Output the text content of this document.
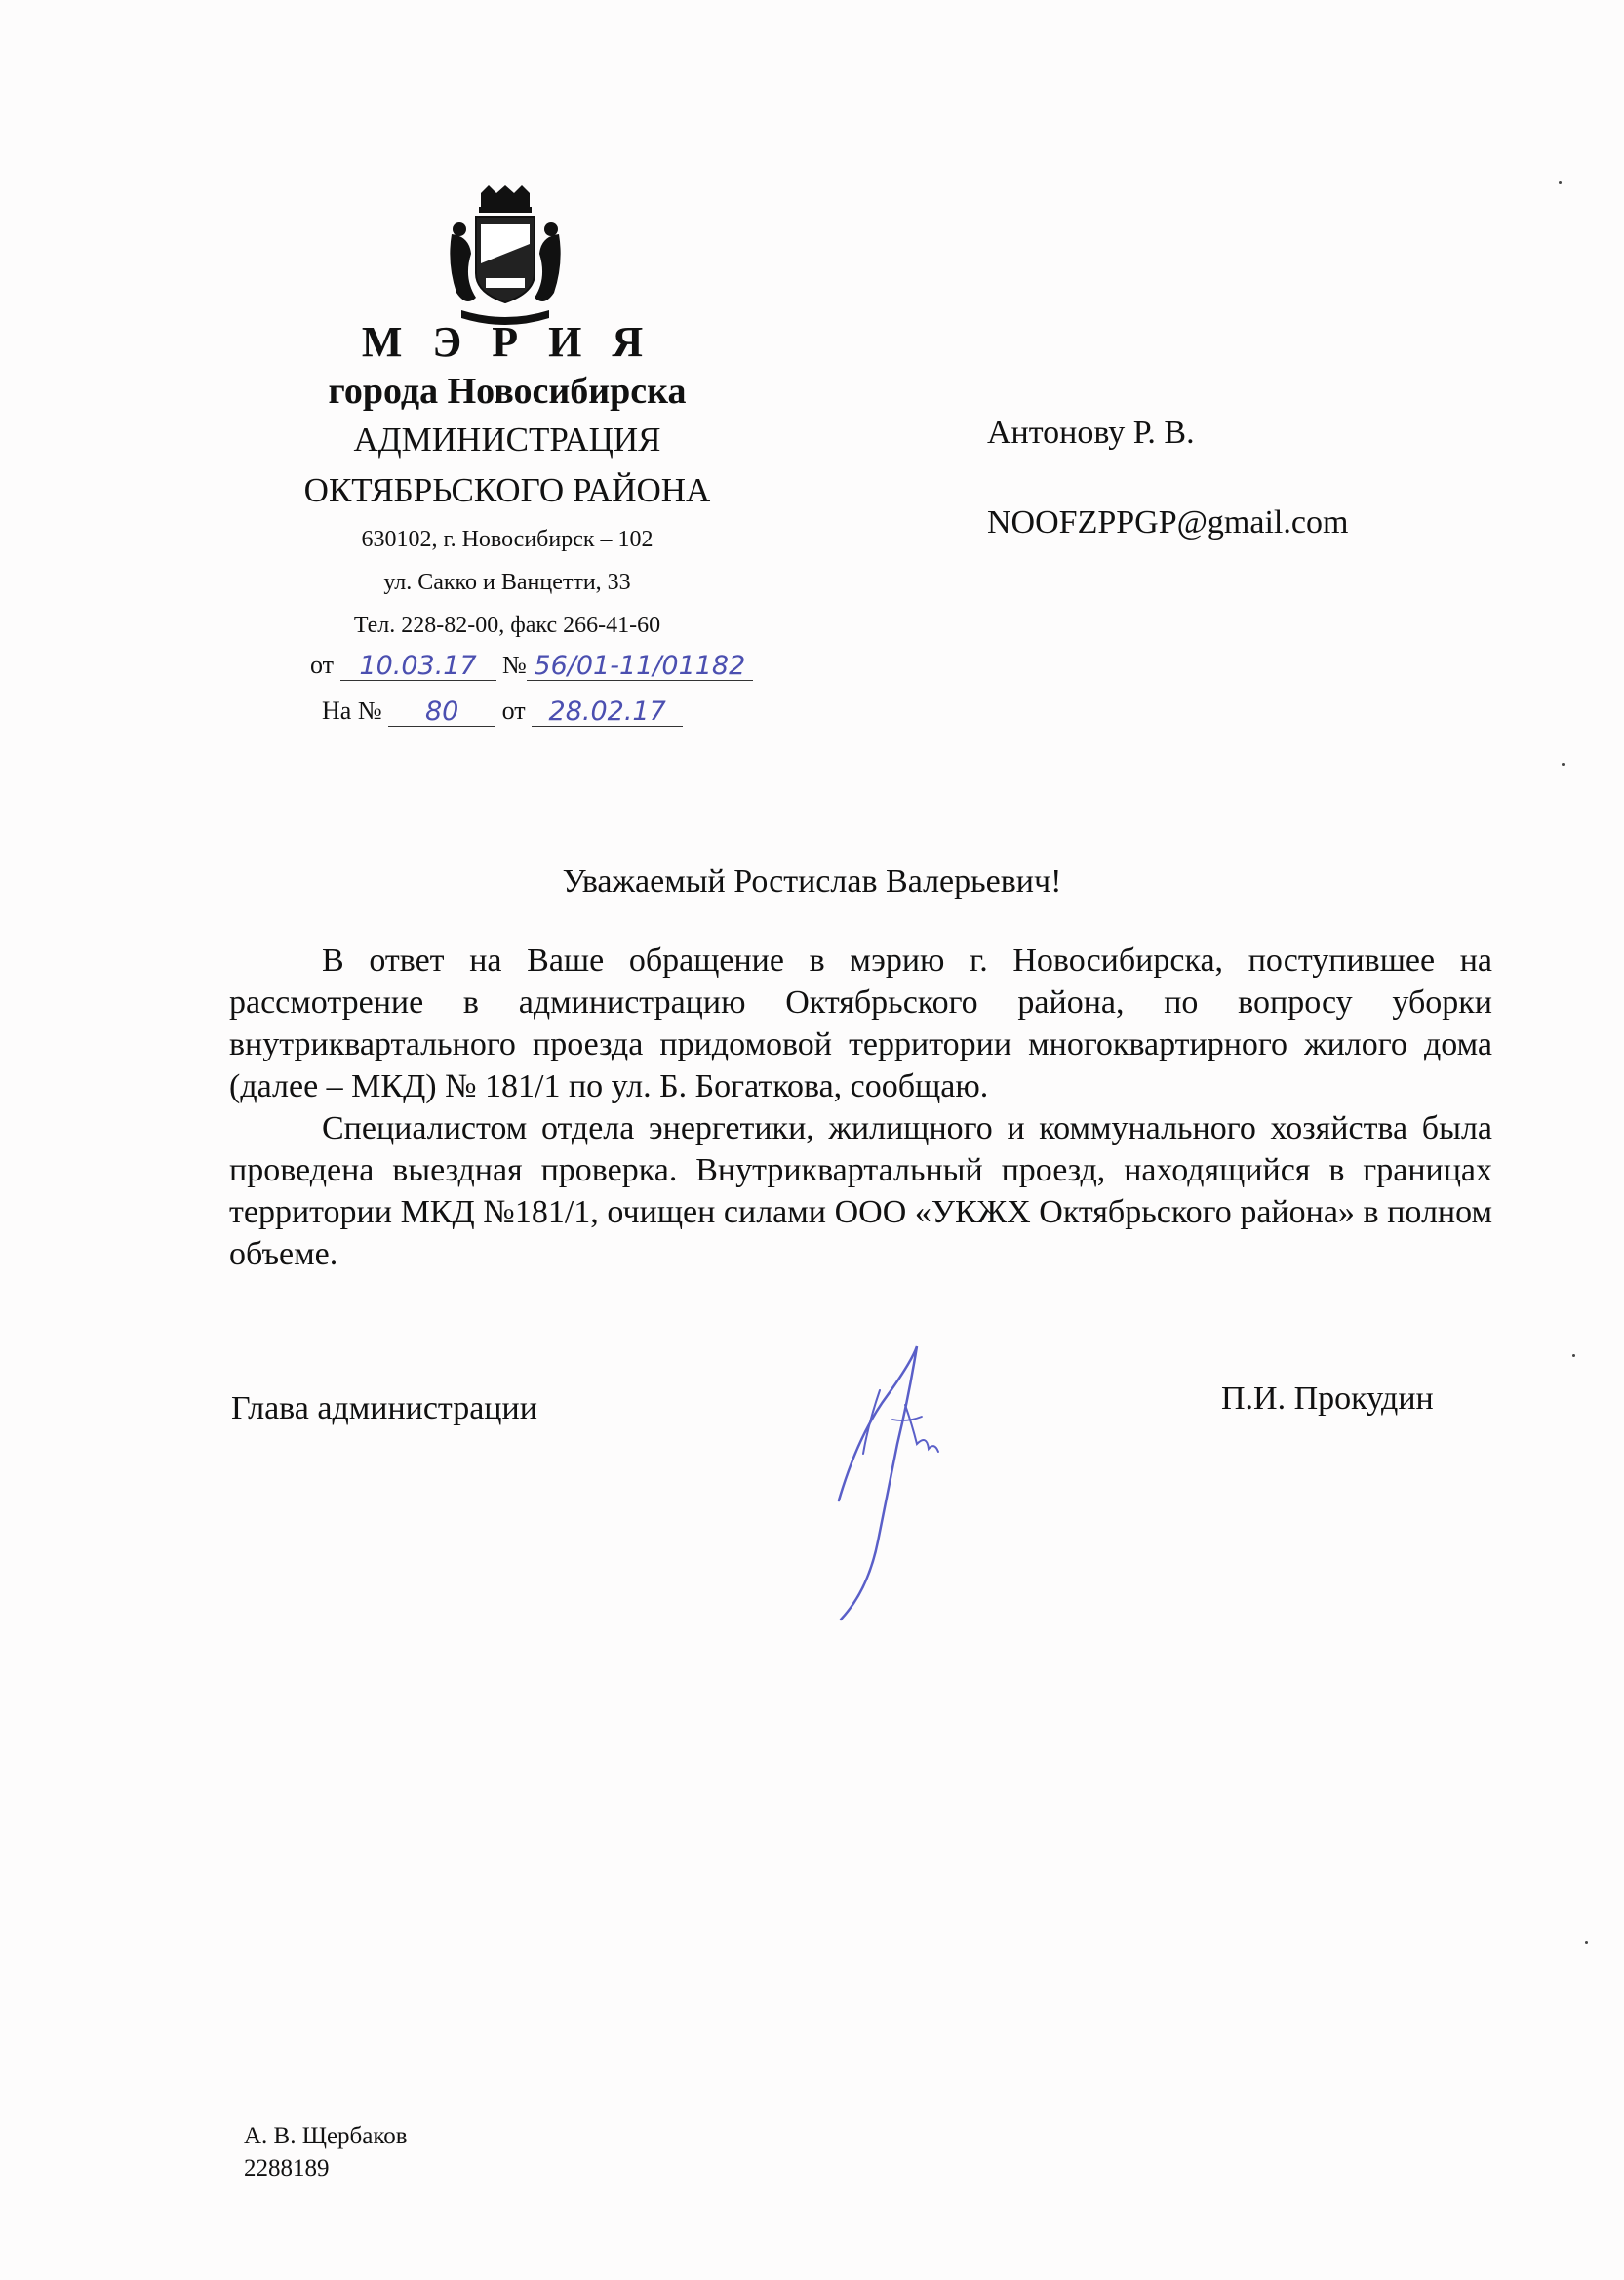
М Э Р И Я
города Новосибирска
АДМИНИСТРАЦИЯ
ОКТЯБРЬСКОГО РАЙОНА
630102, г. Новосибирск – 102
ул. Сакко и Ванцетти, 33
Тел. 228-82-00, факс 266-41-60
от 10.03.17 № 56/01-11/01182
На № 80 от 28.02.17
Антонову Р. В.
NOOFZPPGP@gmail.com
Уважаемый Ростислав Валерьевич!

В ответ на Ваше обращение в мэрию г. Новосибирска, поступившее на рассмотрение в администрацию Октябрьского района, по вопросу уборки внутриквартального проезда придомовой территории многоквартирного жилого дома (далее – МКД) № 181/1 по ул. Б. Богаткова, сообщаю.

Специалистом отдела энергетики, жилищного и коммунального хозяйства была проведена выездная проверка. Внутриквартальный проезд, находящийся в границах территории МКД №181/1, очищен силами ООО «УКЖХ Октябрьского района» в полном объеме.

Глава администрации	П.И. Прокудин
А. В. Щербаков
2288189
